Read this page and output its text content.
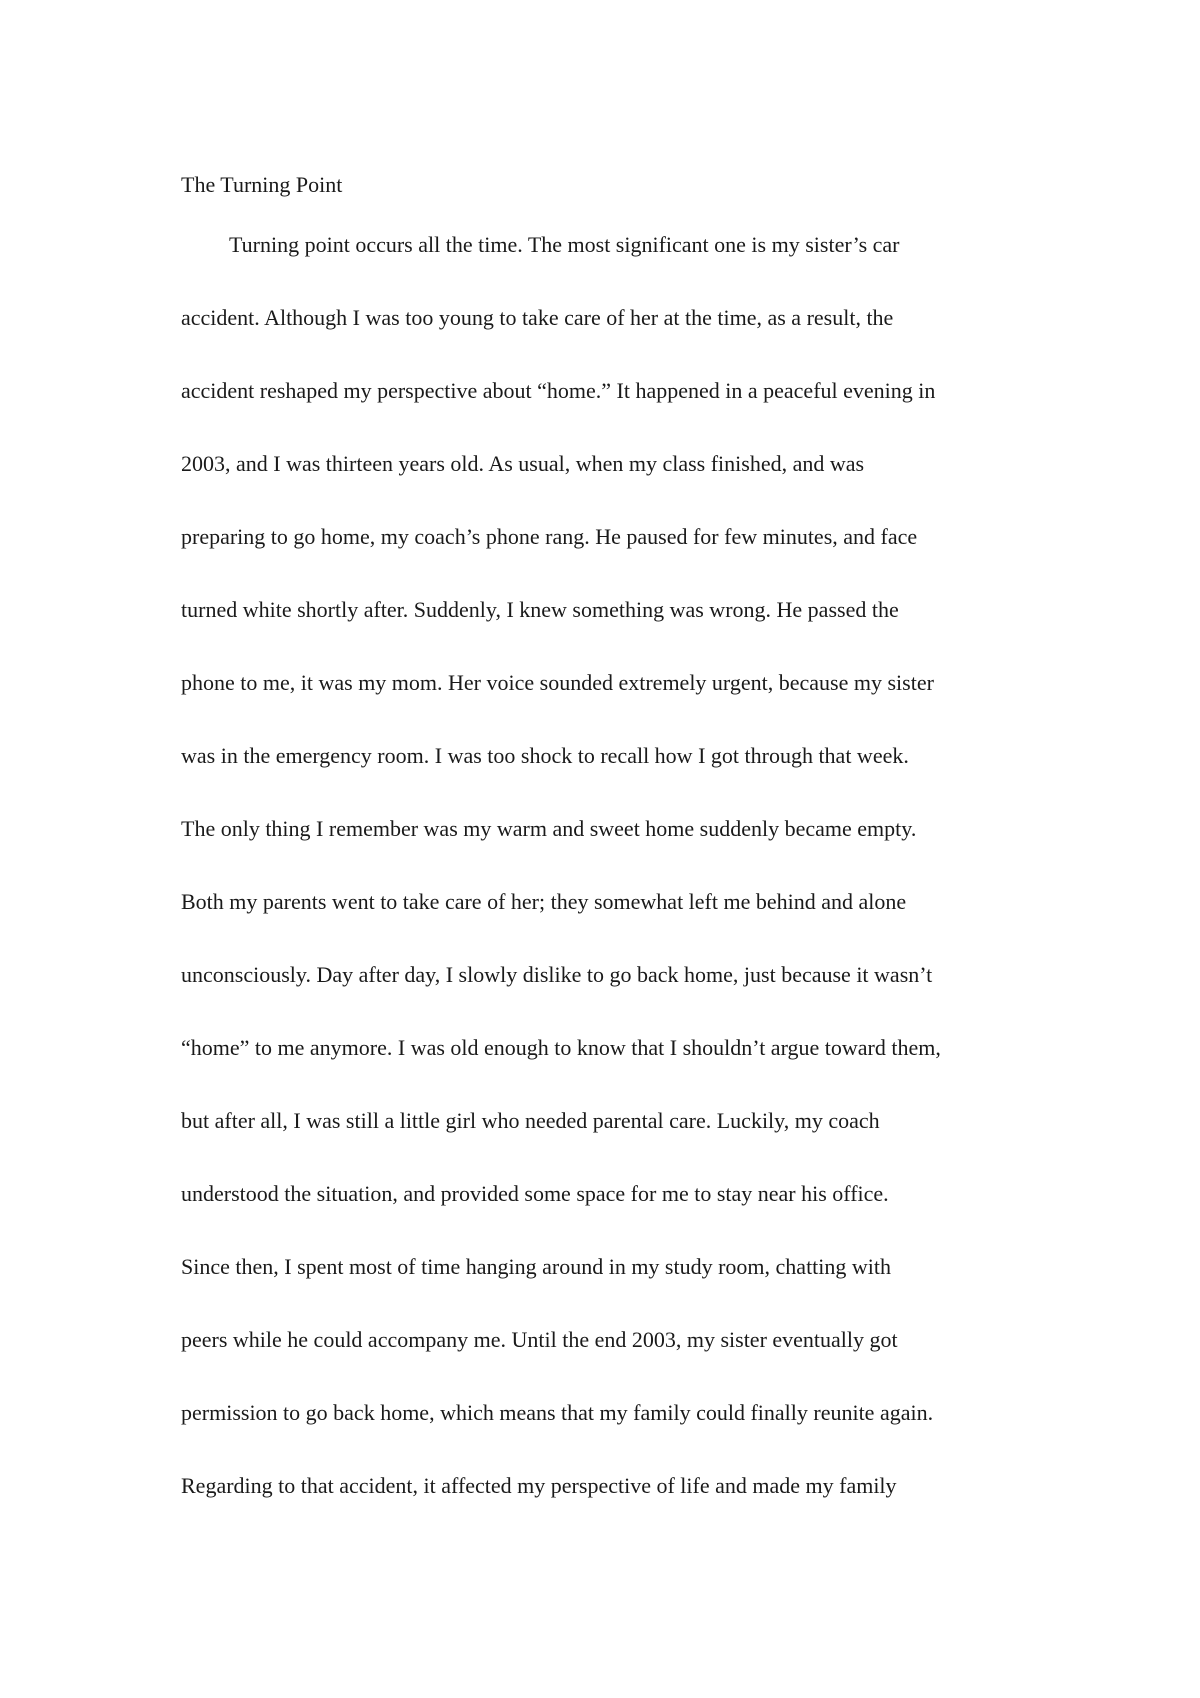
The Turning Point
Turning point occurs all the time. The most significant one is my sister’s car
accident. Although I was too young to take care of her at the time, as a result, the
accident reshaped my perspective about “home.” It happened in a peaceful evening in
2003, and I was thirteen years old. As usual, when my class finished, and was
preparing to go home, my coach’s phone rang. He paused for few minutes, and face
turned white shortly after. Suddenly, I knew something was wrong. He passed the
phone to me, it was my mom. Her voice sounded extremely urgent, because my sister
was in the emergency room. I was too shock to recall how I got through that week.
The only thing I remember was my warm and sweet home suddenly became empty.
Both my parents went to take care of her; they somewhat left me behind and alone
unconsciously. Day after day, I slowly dislike to go back home, just because it wasn’t
“home” to me anymore. I was old enough to know that I shouldn’t argue toward them,
but after all, I was still a little girl who needed parental care. Luckily, my coach
understood the situation, and provided some space for me to stay near his office.
Since then, I spent most of time hanging around in my study room, chatting with
peers while he could accompany me. Until the end 2003, my sister eventually got
permission to go back home, which means that my family could finally reunite again.
Regarding to that accident, it affected my perspective of life and made my family
